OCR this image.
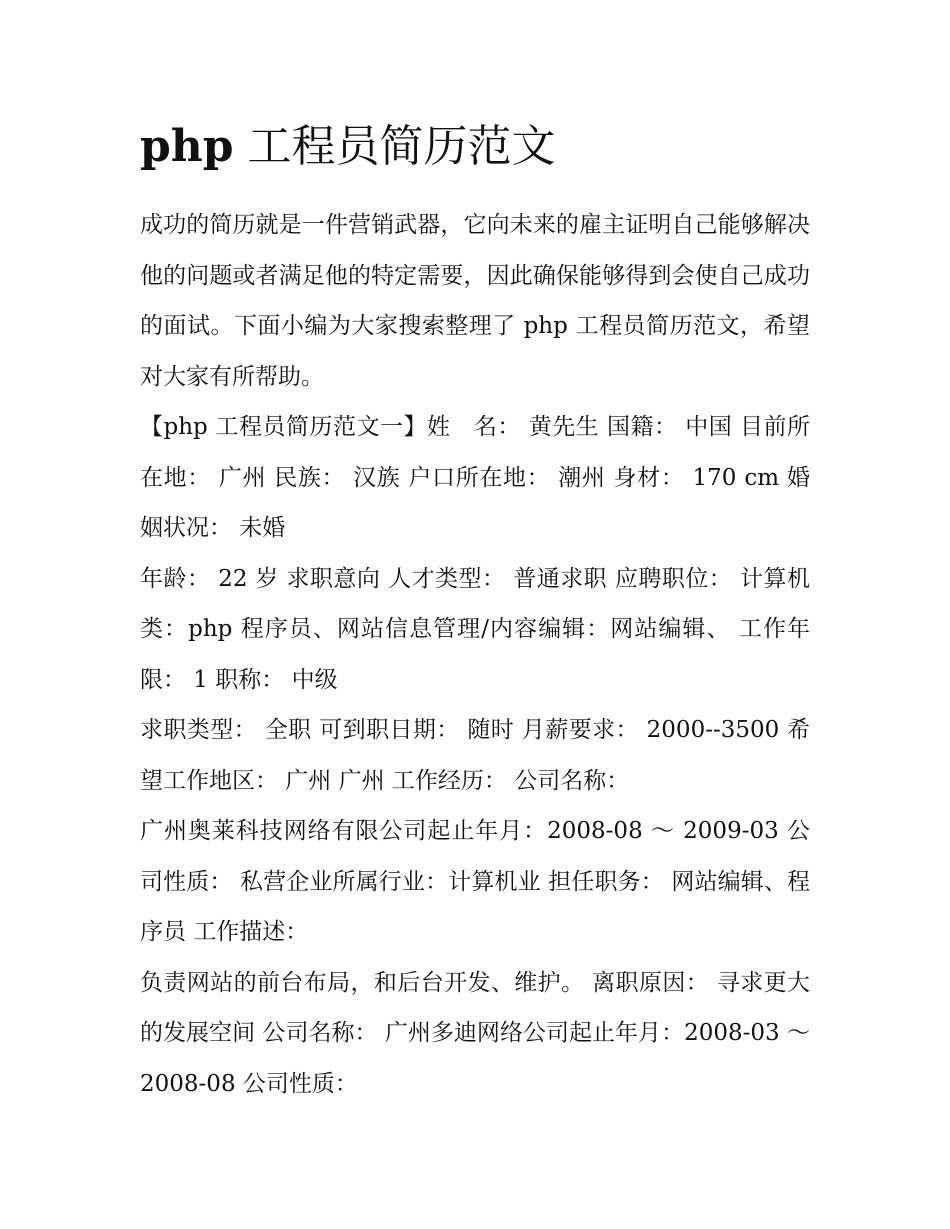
php 工程员简历范文

成功的简历就是一件营销武器，它向未来的雇主证明自己能够解决他的问题或者满足他的特定需要，因此确保能够得到会使自己成功的面试。下面小编为大家搜索整理了 php 工程员简历范文，希望对大家有所帮助。

【php 工程员简历范文一】姓　名： 黄先生 国籍： 中国 目前所在地： 广州 民族： 汉族 户口所在地： 潮州 身材： 170 cm 婚姻状况： 未婚

年龄： 22 岁 求职意向 人才类型： 普通求职 应聘职位： 计算机类：php 程序员、网站信息管理/内容编辑：网站编辑、 工作年限： 1 职称： 中级

求职类型： 全职 可到职日期： 随时 月薪要求： 2000--3500 希望工作地区： 广州 广州 工作经历： 公司名称：

广州奥莱科技网络有限公司起止年月：2008-08 ～ 2009-03 公司性质： 私营企业所属行业：计算机业 担任职务： 网站编辑、程序员 工作描述：

负责网站的前台布局，和后台开发、维护。 离职原因： 寻求更大的发展空间 公司名称： 广州多迪网络公司起止年月：2008-03 ～ 2008-08 公司性质：
